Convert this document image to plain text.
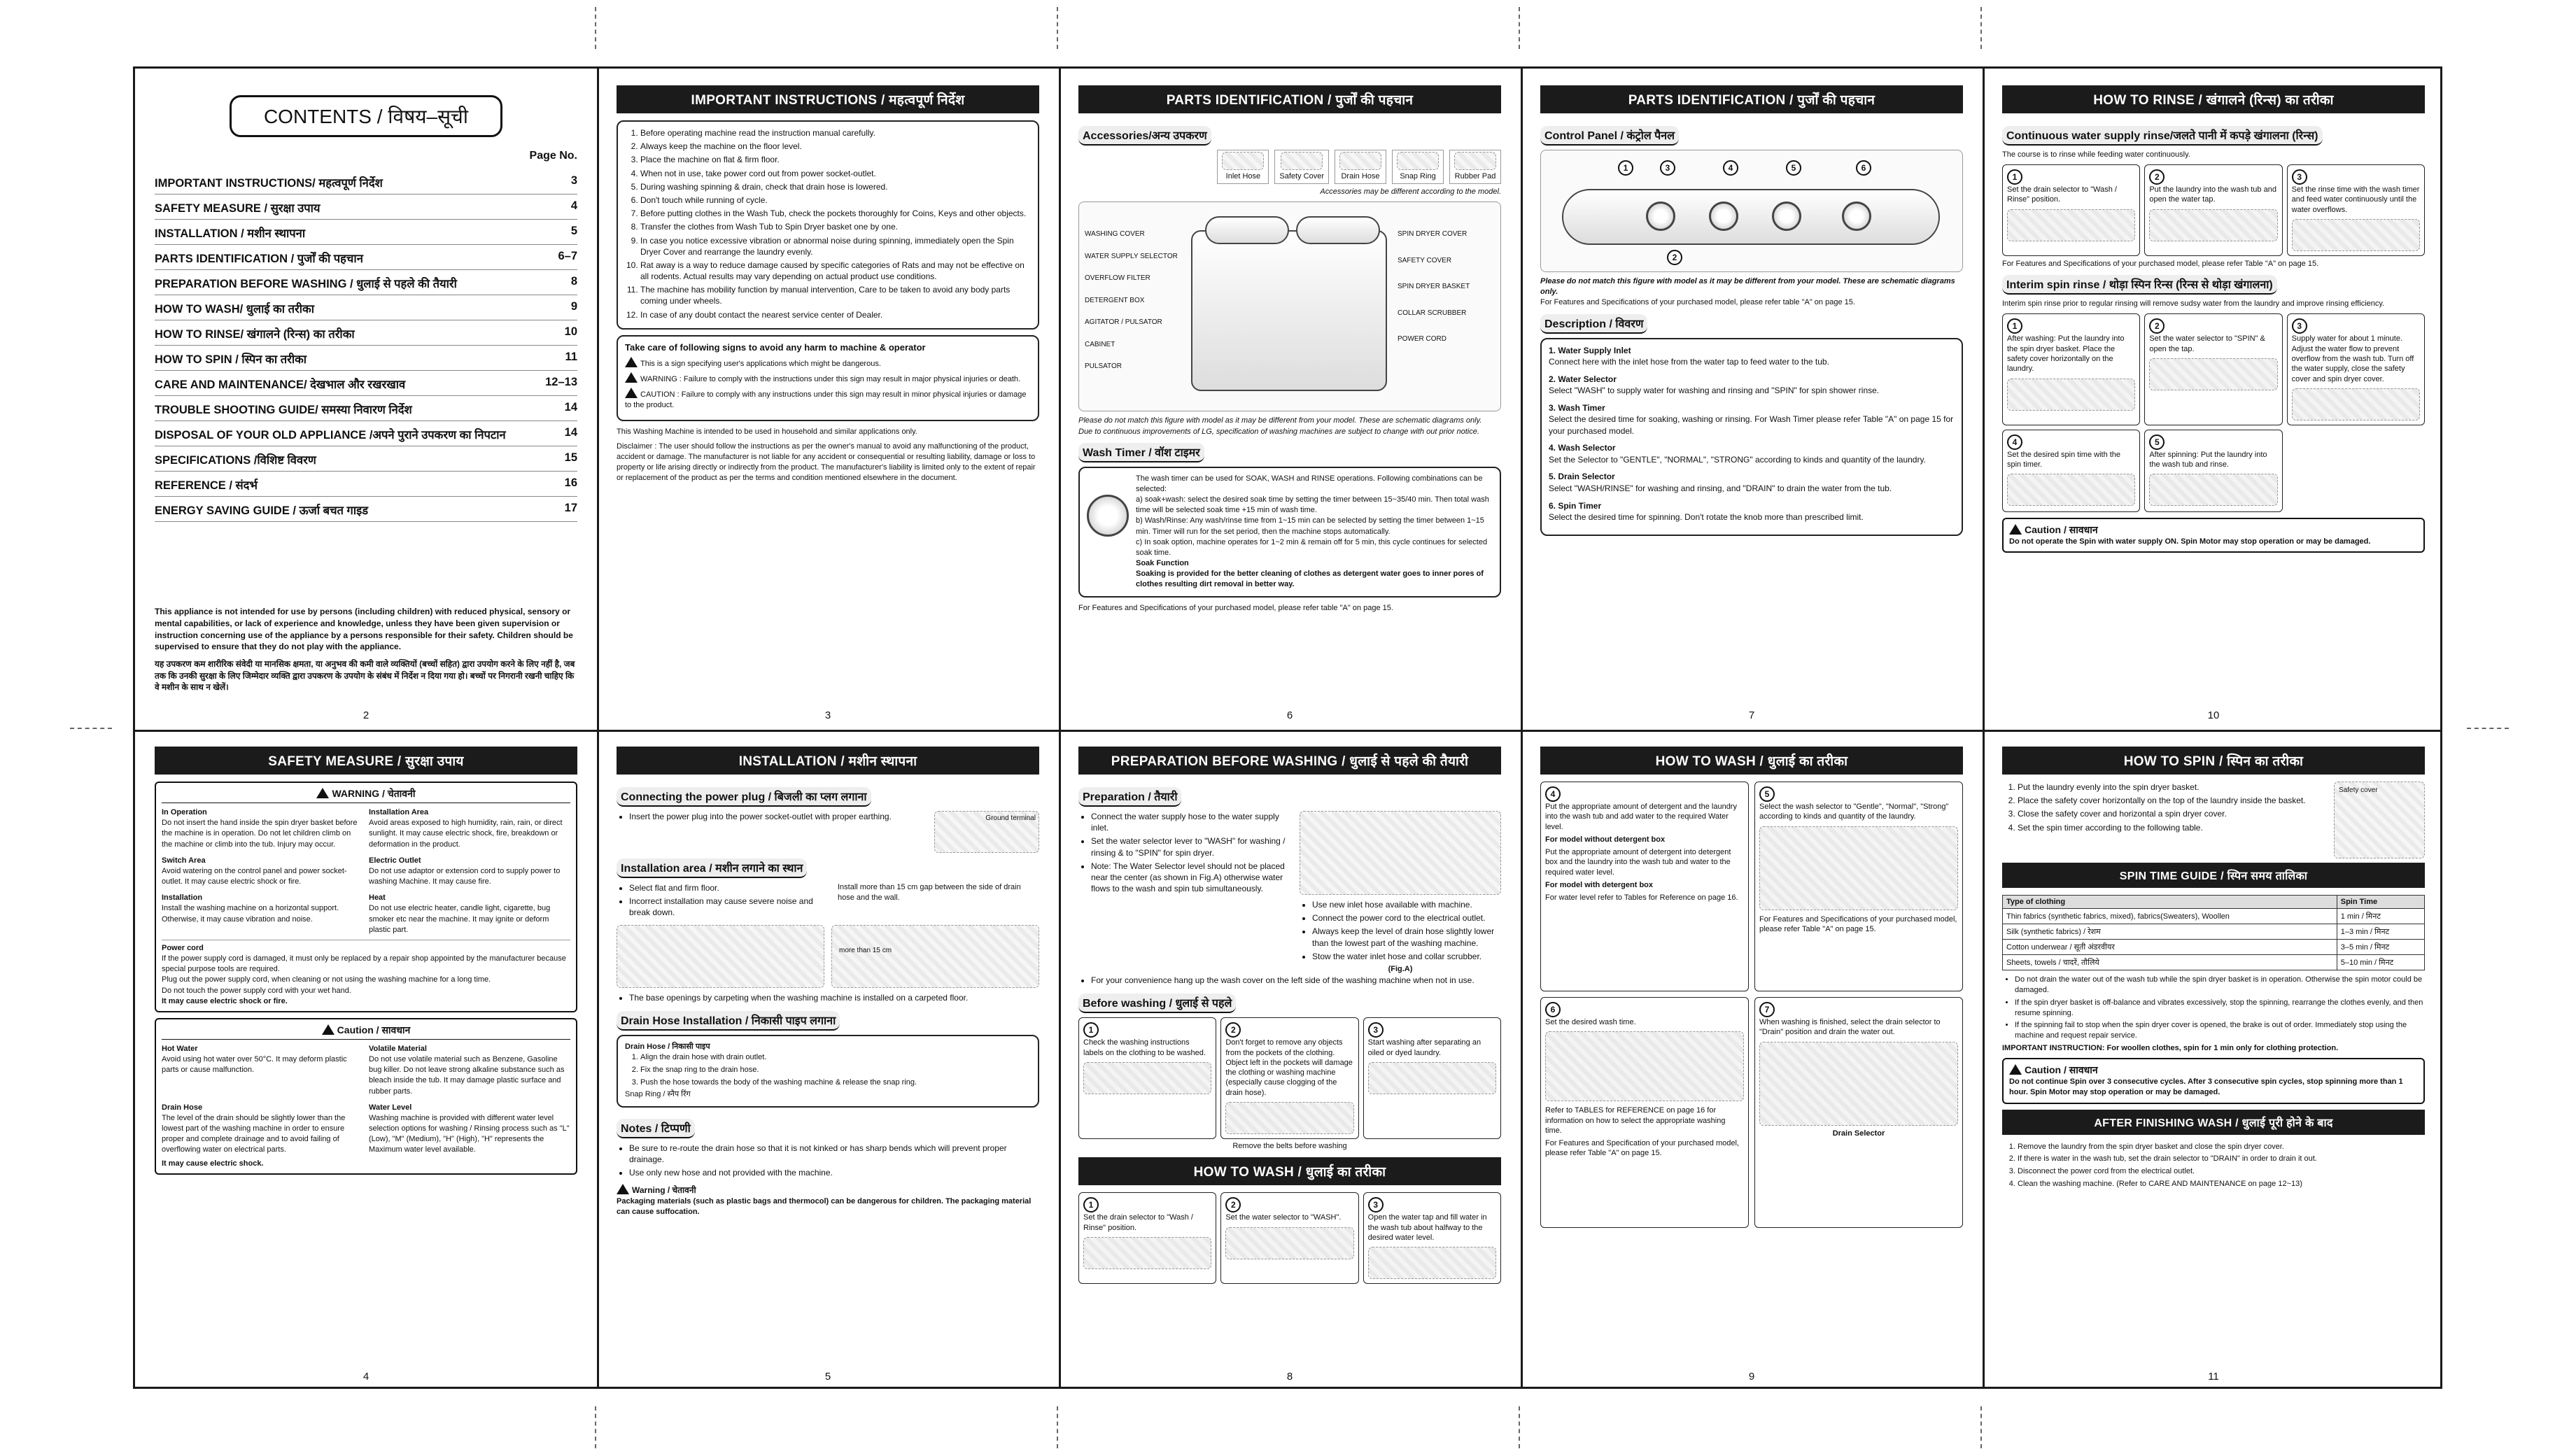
CONTENTS / विषय–सूची
Page No.
IMPORTANT INSTRUCTIONS/ महत्वपूर्ण निर्देश	3
SAFETY MEASURE / सुरक्षा उपाय	4
INSTALLATION / मशीन स्थापना	5
PARTS IDENTIFICATION / पुर्जों की पहचान	6–7
PREPARATION BEFORE WASHING / धुलाई से पहले की तैयारी	8
HOW TO WASH/ धुलाई का तरीका	9
HOW TO RINSE/ खंगालने (रिन्स) का तरीका	10
HOW TO SPIN / स्पिन का तरीका	11
CARE AND MAINTENANCE/ देखभाल और रखरखाव	12–13
TROUBLE SHOOTING GUIDE/ समस्या निवारण निर्देश	14
DISPOSAL OF YOUR OLD APPLIANCE /अपने पुराने उपकरण का निपटान	14
SPECIFICATIONS /विशिष्ट विवरण	15
REFERENCE / संदर्भ	16
ENERGY SAVING GUIDE / ऊर्जा बचत गाइड	17
This appliance is not intended for use by persons (including children) with reduced physical, sensory or mental capabilities, or lack of experience and knowledge, unless they have been given supervision or instruction concerning use of the appliance by a persons responsible for their safety. Children should be supervised to ensure that they do not play with the appliance.
यह उपकरण कम शारीरिक संवेदी या मानसिक क्षमता, या अनुभव की कमी वाले व्यक्तियों (बच्चों सहित) द्वारा उपयोग करने के लिए नहीं है, जब तक कि उनकी सुरक्षा के लिए जिम्मेदार व्यक्ति द्वारा उपकरण के उपयोग के संबंध में निर्देश न दिया गया हो। बच्चों पर निगरानी रखनी चाहिए कि वे मशीन के साथ न खेलें।
2
IMPORTANT INSTRUCTIONS / महत्वपूर्ण निर्देश
1. Before operating machine read the instruction manual carefully.
2. Always keep the machine on the floor level.
3. Place the machine on flat & firm floor.
4. When not in use, take power cord out from power socket-outlet.
5. During washing spinning & drain, check that drain hose is lowered.
6. Don't touch while running of cycle.
7. Before putting clothes in the Wash Tub, check the pockets thoroughly for Coins, Keys and other objects.
8. Transfer the clothes from Wash Tub to Spin Dryer basket one by one.
9. In case you notice excessive vibration or abnormal noise during spinning, immediately open the Spin Dryer Cover and rearrange the laundry evenly.
10. Rat away is a way to reduce damage caused by specific categories of Rats and may not be effective on all rodents. Actual results may vary depending on actual product use conditions.
11. The machine has mobility function by manual intervention, Care to be taken to avoid any body parts coming under wheels.
12. In case of any doubt contact the nearest service center of Dealer.
Take care of following signs to avoid any harm to machine & operator
This is a sign specifying user's applications which might be dangerous.
WARNING : Failure to comply with the instructions under this sign may result in major physical injuries or death.
CAUTION : Failure to comply with any instructions under this sign may result in minor physical injuries or damage to the product.
This Washing Machine is intended to be used in household and similar applications only.
Disclaimer : The user should follow the instructions as per the owner's manual to avoid any malfunctioning of the product, accident or damage. The manufacturer is not liable for any accident or consequential or resulting liability, damage or loss to property or life arising directly or indirectly from the product. The manufacturer's liability is limited only to the extent of repair or replacement of the product as per the terms and condition mentioned elsewhere in the document.
3
PARTS IDENTIFICATION / पुर्जों की पहचान
Accessories/अन्य उपकरण
Inlet Hose	Safety Cover Drain Hose	Snap Ring	Rubber Pad
Accessories may be different according to the model.
WASHING COVER
WATER SUPPLY SELECTOR
OVERFLOW FILTER
DETERGENT BOX
AGITATOR / PULSATOR
CABINET
PULSATOR
SPIN DRYER COVER
SAFETY COVER
SPIN DRYER BASKET
COLLAR SCRUBBER
POWER CORD
Please do not match this figure with model as it may be different from your model. These are schematic diagrams only.
Due to continuous improvements of LG, specification of washing machines are subject to change with out prior notice.
Wash Timer / वॉश टाइमर
The wash timer can be used for SOAK, WASH and RINSE operations. Following combinations can be selected:
a) soak+wash: select the desired soak time by setting the timer between 15~35/40 min. Then total wash time will be selected soak time +15 min of wash time.
b) Wash/Rinse: Any wash/rinse time from 1~15 min can be selected by setting the timer between 1~15 min. Timer will run for the set period, then the machine stops automatically.
c) In soak option, machine operates for 1~2 min & remain off for 5 min, this cycle continues for selected soak time.
Soak Function
Soaking is provided for the better cleaning of clothes as detergent water goes to inner pores of clothes resulting dirt removal in better way.
For Features and Specifications of your purchased model, please refer table "A" on page 15.
6
PARTS IDENTIFICATION / पुर्जों की पहचान
Control Panel / कंट्रोल पैनल
1
2
3	4	5	6
Please do not match this figure with model as it may be different from your model. These are schematic diagrams only.
For Features and Specifications of your purchased model, please refer table "A" on page 15.
Description / विवरण
1. Water Supply Inlet
Connect here with the inlet hose from the water tap to feed water to the tub.
2. Water Selector
Select "WASH" to supply water for washing and rinsing and "SPIN" for spin shower rinse.
3. Wash Timer
Select the desired time for soaking, washing or rinsing. For Wash Timer please refer Table "A" on page 15 for your purchased model.
4. Wash Selector
Set the Selector to "GENTLE", "NORMAL", "STRONG" according to kinds and quantity of the laundry.
5. Drain Selector
Select "WASH/RINSE" for washing and rinsing, and "DRAIN" to drain the water from the tub.
6. Spin Timer
Select the desired time for spinning. Don't rotate the knob more than prescribed limit.
7
HOW TO RINSE / खंगालने (रिन्स) का तरीका
Continuous water supply rinse/जलते पानी में कपड़े खंगालना (रिन्स)
The course is to rinse while feeding water continuously.
1
Set the drain selector to "Wash / Rinse" position.
2
Put the laundry into the wash tub and open the water tap.
3
Set the rinse time with the wash timer and feed water continuously until the water overflows.
For Features and Specifications of your purchased model, please refer Table "A" on page 15.
Interim spin rinse / थोड़ा स्पिन रिन्स (रिन्स से थोड़ा खंगालना)
Interim spin rinse prior to regular rinsing will remove sudsy water from the laundry and improve rinsing efficiency.
1
After washing: Put the laundry into the spin dryer basket. Place the safety cover horizontally on the laundry.
2
Set the water selector to "SPIN" & open the tap.
3
Supply water for about 1 minute. Adjust the water flow to prevent overflow from the wash tub. Turn off the water supply, close the safety cover and spin dryer cover.
4
Set the desired spin time with the spin timer.
5
After spinning: Put the laundry into the wash tub and rinse.
Caution / सावधान
Do not operate the Spin with water supply ON. Spin Motor may stop operation or may be damaged.
10
SAFETY MEASURE / सुरक्षा उपाय
WARNING / चेतावनी
In Operation
Do not insert the hand inside the spin dryer basket before the machine is in operation. Do not let children climb on the machine or climb into the tub. Injury may occur.
Installation Area
Avoid areas exposed to high humidity, rain, rain, or direct sunlight. It may cause electric shock, fire, breakdown or deformation in the product.
Switch Area
Avoid watering on the control panel and power socket-outlet. It may cause electric shock or fire.
Electric Outlet
Do not use adaptor or extension cord to supply power to washing Machine. It may cause fire.
Installation
Install the washing machine on a horizontal support. Otherwise, it may cause vibration and noise.
Heat
Do not use electric heater, candle light, cigarette, bug smoker etc near the machine. It may ignite or deform plastic part.
Power cord
If the power supply cord is damaged, it must only be replaced by a repair shop appointed by the manufacturer because special purpose tools are required.
Plug out the power supply cord, when cleaning or not using the washing machine for a long time.
Do not touch the power supply cord with your wet hand.
It may cause electric shock or fire.
Caution / सावधान
Hot Water
Avoid using hot water over 50°C. It may deform plastic parts or cause malfunction.
Volatile Material
Do not use volatile material such as Benzene, Gasoline bug killer. Do not leave strong alkaline substance such as bleach inside the tub. It may damage plastic surface and rubber parts.
Drain Hose
The level of the drain should be slightly lower than the lowest part of the washing machine in order to ensure proper and complete drainage and to avoid failing of overflowing water on electrical parts.
Water Level
Washing machine is provided with different water level selection options for washing / Rinsing process such as "L" (Low), "M" (Medium), "H" (High), "H" represents the Maximum water level available.
It may cause electric shock.
4
INSTALLATION / मशीन स्थापना
Connecting the power plug / बिजली का प्लग लगाना
• Insert the power plug into the power socket-outlet with proper earthing.	Ground terminal
Installation area / मशीन लगाने का स्थान
• Select flat and firm floor.
• Incorrect installation may cause severe noise and break down.
Install more than 15 cm gap between the side of drain hose and the wall.
more than 15 cm
• The base openings by carpeting when the washing machine is installed on a carpeted floor.
Drain Hose Installation / निकासी पाइप लगाना
Drain Hose / निकासी पाइप
1. Align the drain hose with drain outlet.
2. Fix the snap ring to the drain hose.
3. Push the hose towards the body of the washing machine & release the snap ring.
Snap Ring / स्नैप रिंग
Notes / टिप्पणी
• Be sure to re-route the drain hose so that it is not kinked or has sharp bends which will prevent proper drainage.
• Use only new hose and not provided with the machine.
Warning / चेतावनी
Packaging materials (such as plastic bags and thermocol) can be dangerous for children. The packaging material can cause suffocation.
5
PREPARATION BEFORE WASHING / धुलाई से पहले की तैयारी
Preparation / तैयारी
• Connect the water supply hose to the water supply inlet.
• Set the water selector lever to "WASH" for washing / rinsing & to "SPIN" for spin dryer.
• Note: The Water Selector level should not be placed near the center (as shown in Fig.A) otherwise water flows to the wash and spin tub simultaneously.
• Use new inlet hose available with machine.
• Connect the power cord to the electrical outlet.
• Always keep the level of drain hose slightly lower than the lowest part of the washing machine.
• Stow the water inlet hose and collar scrubber.
(Fig.A)
• For your convenience hang up the wash cover on the left side of the washing machine when not in use.
Before washing / धुलाई से पहले
1
Check the washing instructions labels on the clothing to be washed.
2
Don't forget to remove any objects from the pockets of the clothing. Object left in the pockets will damage the clothing or washing machine (especially cause clogging of the drain hose).
3
Start washing after separating an oiled or dyed laundry.
Remove the belts before washing
HOW TO WASH / धुलाई का तरीका
1
Set the drain selector to "Wash / Rinse" position.
2
Set the water selector to "WASH".
3
Open the water tap and fill water in the wash tub about halfway to the desired water level.
8
HOW TO WASH / धुलाई का तरीका
4
Put the appropriate amount of detergent and the laundry into the wash tub and add water to the required Water level.
For model without detergent box
Put the appropriate amount of detergent into detergent box and the laundry into the wash tub and water to the required water level.
For model with detergent box
For water level refer to Tables for Reference on page 16.
5
Select the wash selector to "Gentle", "Normal", "Strong" according to kinds and quantity of the laundry.
For Features and Specifications of your purchased model, please refer Table "A" on page 15.
6
Set the desired wash time.
Refer to TABLES for REFERENCE on page 16 for information on how to select the appropriate washing time.
For Features and Specification of your purchased model, please refer Table "A" on page 15.
7
When washing is finished, select the drain selector to "Drain" position and drain the water out.
Drain Selector
9
HOW TO SPIN / स्पिन का तरीका
1. Put the laundry evenly into the spin dryer basket.
2. Place the safety cover horizontally on the top of the laundry inside the basket.
3. Close the safety cover and horizontal a spin dryer cover.
4. Set the spin timer according to the following table.
Safety cover
SPIN TIME GUIDE / स्पिन समय तालिका
Type of clothing	Spin Time
Thin fabrics (synthetic fabrics, mixed), fabrics(Sweaters), Woollen	1 min / मिनट
Silk (synthetic fabrics) / रेशम	1–3 min / मिनट
Cotton underwear / सूती अंडरवीयर	3–5 min / मिनट
Sheets, towels / चादरें, तौलिये	5–10 min / मिनट
• Do not drain the water out of the wash tub while the spin dryer basket is in operation. Otherwise the spin motor could be damaged.
• If the spin dryer basket is off-balance and vibrates excessively, stop the spinning, rearrange the clothes evenly, and then resume spinning.
• If the spinning fail to stop when the spin dryer cover is opened, the brake is out of order. Immediately stop using the machine and request repair service.
IMPORTANT INSTRUCTION: For woollen clothes, spin for 1 min only for clothing protection.
Caution / सावधान
Do not continue Spin over 3 consecutive cycles. After 3 consecutive spin cycles, stop spinning more than 1 hour. Spin Motor may stop operation or may be damaged.
AFTER FINISHING WASH / धुलाई पूरी होने के बाद
1. Remove the laundry from the spin dryer basket and close the spin dryer cover.
2. If there is water in the wash tub, set the drain selector to "DRAIN" in order to drain it out.
3. Disconnect the power cord from the electrical outlet.
4. Clean the washing machine. (Refer to CARE AND MAINTENANCE on page 12~13)
11
